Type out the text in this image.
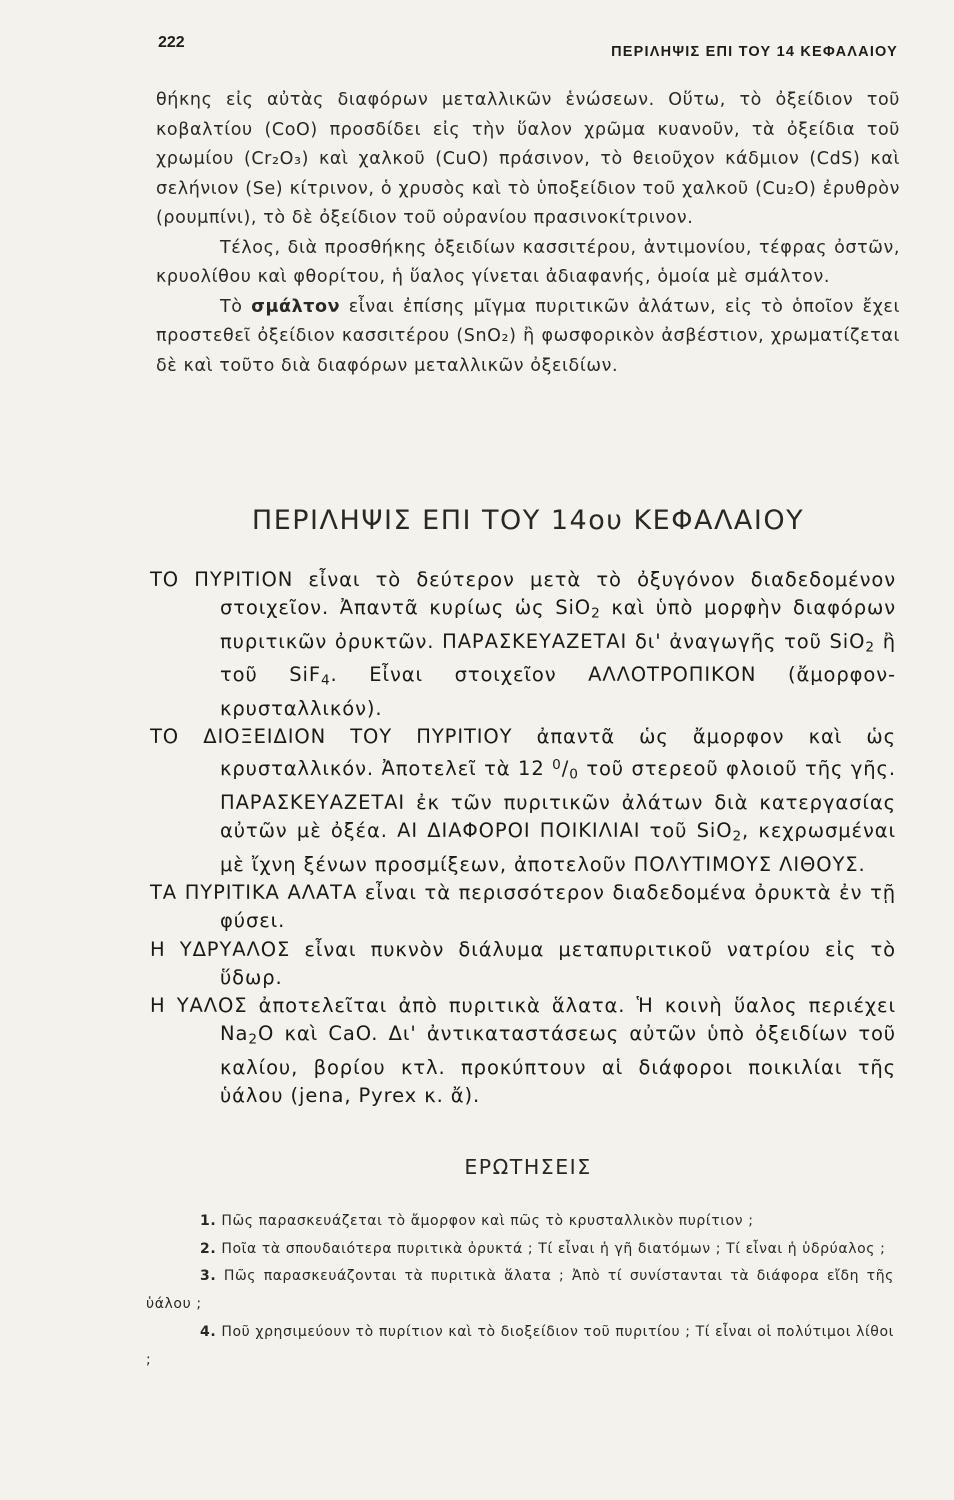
222
ΠΕΡΙΛΗΨΙΣ ΕΠΙ ΤΟΥ 14 ΚΕΦΑΛΑΙΟΥ

θήκης εἰς αὐτὰς διαφόρων μεταλλικῶν ἑνώσεων. Οὕτω, τὸ ὀξείδιον τοῦ κοβαλτίου (CoO) προσδίδει εἰς τὴν ὕαλον χρῶμα κυανοῦν, τὰ ὀξείδια τοῦ χρωμίου (Cr₂O₃) καὶ χαλκοῦ (CuO) πράσινον, τὸ θειοῦχον κάδμιον (CdS) καὶ σελήνιον (Se) κίτρινον, ὁ χρυσὸς καὶ τὸ ὑποξείδιον τοῦ χαλκοῦ (Cu₂O) ἐρυθρὸν (ρουμπίνι), τὸ δὲ ὀξείδιον τοῦ οὐρανίου πρασινοκίτρινον.

Τέλος, διὰ προσθήκης ὀξειδίων κασσιτέρου, ἀντιμονίου, τέφρας ὀστῶν, κρυολίθου καὶ φθορίτου, ἡ ὕαλος γίνεται ἀδιαφανής, ὁμοία μὲ σμάλτον.

Τὸ σμάλτον εἶναι ἐπίσης μῖγμα πυριτικῶν ἀλάτων, εἰς τὸ ὁποῖον ἔχει προστεθεῖ ὀξείδιον κασσιτέρου (SnO₂) ἢ φωσφορικὸν ἀσβέστιον, χρωματίζεται δὲ καὶ τοῦτο διὰ διαφόρων μεταλλικῶν ὀξειδίων.

ΠΕΡΙΛΗΨΙΣ ΕΠΙ ΤΟΥ 14ου ΚΕΦΑΛΑΙΟΥ

ΤΟ ΠΥΡΙΤΙΟΝ εἶναι τὸ δεύτερον μετὰ τὸ ὀξυγόνον διαδεδομένον στοιχεῖον. Ἀπαντᾶ κυρίως ὡς SiO$_2$ καὶ ὑπὸ μορφὴν διαφόρων πυριτικῶν ὀρυκτῶν. ΠΑΡΑΣΚΕΥΑΖΕΤΑΙ δι' ἀναγωγῆς τοῦ SiO$_2$ ἢ τοῦ SiF$_4$. Εἶναι στοιχεῖον ΑΛΛΟΤΡΟΠΙΚΟΝ (ἄμορφον-κρυσταλλικόν).

ΤΟ ΔΙΟΞΕΙΔΙΟΝ ΤΟΥ ΠΥΡΙΤΙΟΥ ἀπαντᾶ ὡς ἄμορφον καὶ ὡς κρυσταλλικόν. Ἀποτελεῖ τὰ 12 $^0/_0$ τοῦ στερεοῦ φλοιοῦ τῆς γῆς. ΠΑΡΑΣΚΕΥΑΖΕΤΑΙ ἐκ τῶν πυριτικῶν ἀλάτων διὰ κατεργασίας αὐτῶν μὲ ὀξέα. ΑΙ ΔΙΑΦΟΡΟΙ ΠΟΙΚΙΛΙΑΙ τοῦ SiO$_2$, κεχρωσμέναι μὲ ἴχνη ξένων προσμίξεων, ἀποτελοῦν ΠΟΛΥΤΙΜΟΥΣ ΛΙΘΟΥΣ.

ΤΑ ΠΥΡΙΤΙΚΑ ΑΛΑΤΑ εἶναι τὰ περισσότερον διαδεδομένα ὀρυκτὰ ἐν τῇ φύσει.

Η ΥΔΡΥΑΛΟΣ εἶναι πυκνὸν διάλυμα μεταπυριτικοῦ νατρίου εἰς τὸ ὕδωρ.

Η ΥΑΛΟΣ ἀποτελεῖται ἀπὸ πυριτικὰ ἅλατα. Ἡ κοινὴ ὕαλος περιέχει $Na_2O$ καὶ CaO. Δι' ἀντικαταστάσεως αὐτῶν ὑπὸ ὀξειδίων τοῦ καλίου, βορίου κτλ. προκύπτουν αἱ διάφοροι ποικιλίαι τῆς ὑάλου (jena, Pyrex κ. ἄ).

ΕΡΩΤΗΣΕΙΣ

1. Πῶς παρασκευάζεται τὸ ἄμορφον καὶ πῶς τὸ κρυσταλλικὸν πυρίτιον ;

2. Ποῖα τὰ σπουδαιότερα πυριτικὰ ὀρυκτά ; Τί εἶναι ἡ γῆ διατόμων ; Τί εἶναι ἡ ὑδρύαλος ;

3. Πῶς παρασκευάζονται τὰ πυριτικὰ ἅλατα ; Ἀπὸ τί συνίστανται τὰ διάφορα εἴδη τῆς ὑάλου ;

4. Ποῦ χρησιμεύουν τὸ πυρίτιον καὶ τὸ διοξείδιον τοῦ πυριτίου ; Τί εἶναι οἱ πολύτιμοι λίθοι ;
